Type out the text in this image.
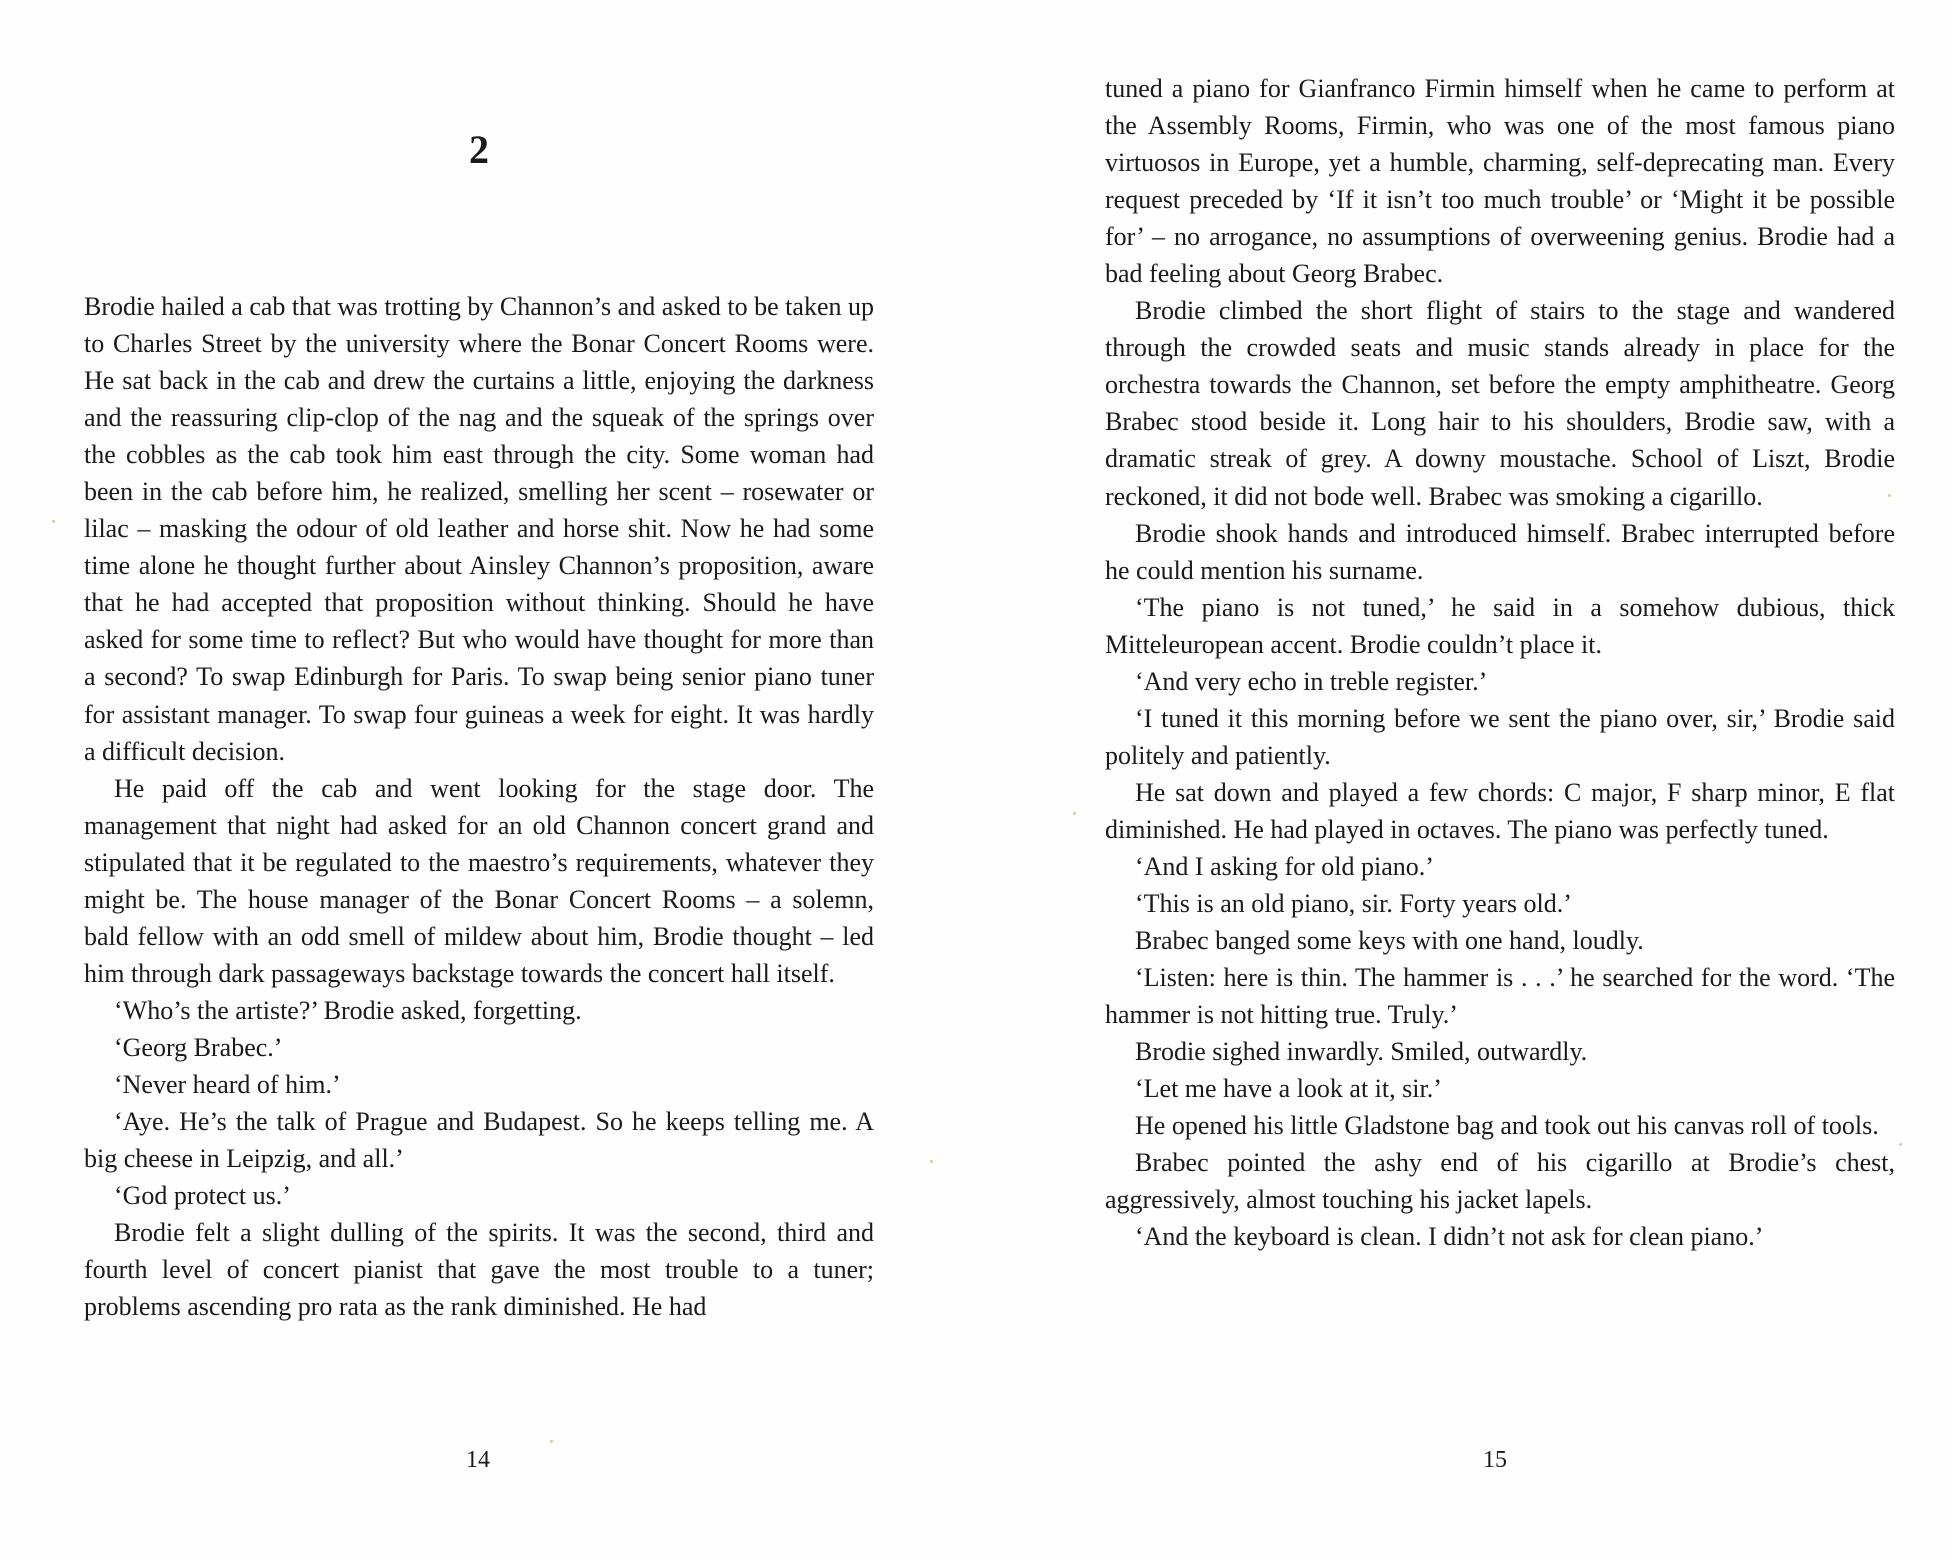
2

Brodie hailed a cab that was trotting by Channon’s and asked to be taken up to Charles Street by the university where the Bonar Concert Rooms were. He sat back in the cab and drew the curtains a little, enjoying the darkness and the reassuring clip-clop of the nag and the squeak of the springs over the cobbles as the cab took him east through the city. Some woman had been in the cab before him, he realized, smelling her scent – rosewater or lilac – masking the odour of old leather and horse shit. Now he had some time alone he thought further about Ainsley Channon’s proposition, aware that he had accepted that proposition without thinking. Should he have asked for some time to reflect? But who would have thought for more than a second? To swap Edinburgh for Paris. To swap being senior piano tuner for assistant manager. To swap four guineas a week for eight. It was hardly a difficult decision.

He paid off the cab and went looking for the stage door. The management that night had asked for an old Channon concert grand and stipulated that it be regulated to the maestro’s requirements, whatever they might be. The house manager of the Bonar Concert Rooms – a solemn, bald fellow with an odd smell of mildew about him, Brodie thought – led him through dark passageways backstage towards the concert hall itself.

‘Who’s the artiste?’ Brodie asked, forgetting.

‘Georg Brabec.’

‘Never heard of him.’

‘Aye. He’s the talk of Prague and Budapest. So he keeps telling me. A big cheese in Leipzig, and all.’

‘God protect us.’

Brodie felt a slight dulling of the spirits. It was the second, third and fourth level of concert pianist that gave the most trouble to a tuner; problems ascending pro rata as the rank diminished. He had

14

tuned a piano for Gianfranco Firmin himself when he came to perform at the Assembly Rooms, Firmin, who was one of the most famous piano virtuosos in Europe, yet a humble, charming, self-deprecating man. Every request preceded by ‘If it isn’t too much trouble’ or ‘Might it be possible for’ – no arrogance, no assumptions of overweening genius. Brodie had a bad feeling about Georg Brabec.

Brodie climbed the short flight of stairs to the stage and wandered through the crowded seats and music stands already in place for the orchestra towards the Channon, set before the empty amphitheatre. Georg Brabec stood beside it. Long hair to his shoulders, Brodie saw, with a dramatic streak of grey. A downy moustache. School of Liszt, Brodie reckoned, it did not bode well. Brabec was smoking a cigarillo.

Brodie shook hands and introduced himself. Brabec interrupted before he could mention his surname.

‘The piano is not tuned,’ he said in a somehow dubious, thick Mitteleuropean accent. Brodie couldn’t place it.

‘And very echo in treble register.’

‘I tuned it this morning before we sent the piano over, sir,’ Brodie said politely and patiently.

He sat down and played a few chords: C major, F sharp minor, E flat diminished. He had played in octaves. The piano was perfectly tuned.

‘And I asking for old piano.’

‘This is an old piano, sir. Forty years old.’

Brabec banged some keys with one hand, loudly.

‘Listen: here is thin. The hammer is . . .’ he searched for the word. ‘The hammer is not hitting true. Truly.’

Brodie sighed inwardly. Smiled, outwardly.

‘Let me have a look at it, sir.’

He opened his little Gladstone bag and took out his canvas roll of tools.

Brabec pointed the ashy end of his cigarillo at Brodie’s chest, aggressively, almost touching his jacket lapels.

‘And the keyboard is clean. I didn’t not ask for clean piano.’

15
